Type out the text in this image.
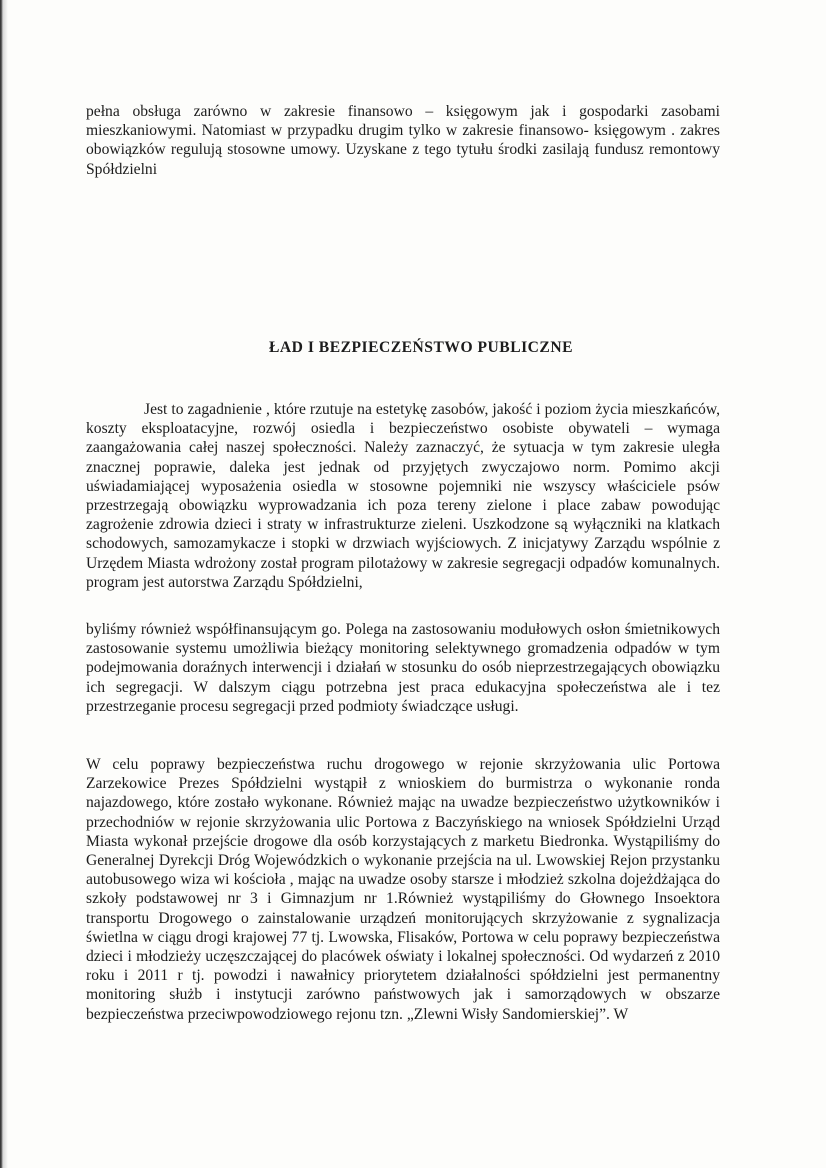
pełna obsługa zarówno w zakresie finansowo – księgowym jak i gospodarki zasobami mieszkaniowymi. Natomiast w przypadku drugim tylko w zakresie finansowo- księgowym . zakres obowiązków regulują stosowne umowy. Uzyskane z tego tytułu środki zasilają fundusz remontowy Spółdzielni

ŁAD I BEZPIECZEŃSTWO PUBLICZNE

Jest to zagadnienie , które rzutuje na estetykę zasobów, jakość i poziom życia mieszkańców, koszty eksploatacyjne, rozwój osiedla i bezpieczeństwo osobiste obywateli – wymaga zaangażowania całej naszej społeczności. Należy zaznaczyć, że sytuacja w tym zakresie uległa znacznej poprawie, daleka jest jednak od przyjętych zwyczajowo norm. Pomimo akcji uświadamiającej wyposażenia osiedla w stosowne pojemniki nie wszyscy właściciele psów przestrzegają obowiązku wyprowadzania ich poza tereny zielone i place zabaw powodując zagrożenie zdrowia dzieci i straty w infrastrukturze zieleni. Uszkodzone są wyłączniki na klatkach schodowych, samozamykacze i stopki w drzwiach wyjściowych. Z inicjatywy Zarządu wspólnie z Urzędem Miasta wdrożony został program pilotażowy w zakresie segregacji odpadów komunalnych. program jest autorstwa Zarządu Spółdzielni,

byliśmy również współfinansującym go. Polega na zastosowaniu modułowych osłon śmietnikowych zastosowanie systemu umożliwia bieżący monitoring selektywnego gromadzenia odpadów w tym podejmowania doraźnych interwencji i działań w stosunku do osób nieprzestrzegających obowiązku ich segregacji. W dalszym ciągu potrzebna jest praca edukacyjna społeczeństwa ale i tez przestrzeganie procesu segregacji przed podmioty świadczące usługi.

W celu poprawy bezpieczeństwa ruchu drogowego w rejonie skrzyżowania ulic Portowa Zarzekowice Prezes Spółdzielni wystąpił z wnioskiem do burmistrza o wykonanie ronda najazdowego, które zostało wykonane. Również mając na uwadze bezpieczeństwo użytkowników i przechodniów w rejonie skrzyżowania ulic Portowa z Baczyńskiego na wniosek Spółdzielni Urząd Miasta wykonał przejście drogowe dla osób korzystających z marketu Biedronka. Wystąpiliśmy do Generalnej Dyrekcji Dróg Wojewódzkich o wykonanie przejścia na ul. Lwowskiej Rejon przystanku autobusowego wiza wi kościoła , mając na uwadze osoby starsze i młodzież szkolna dojeżdżająca do szkoły podstawowej nr 3 i Gimnazjum nr 1.Również wystąpiliśmy do Głownego Insoektora transportu Drogowego o zainstalowanie urządzeń monitorujących skrzyżowanie z sygnalizacja świetlna w ciągu drogi krajowej 77 tj. Lwowska, Flisaków, Portowa w celu poprawy bezpieczeństwa dzieci i młodzieży uczęszczającej do placówek oświaty i lokalnej społeczności. Od wydarzeń z 2010 roku i 2011 r tj. powodzi i nawałnicy priorytetem działalności spółdzielni jest permanentny monitoring służb i instytucji zarówno państwowych jak i samorządowych w obszarze bezpieczeństwa przeciwpowodziowego rejonu tzn. „Zlewni Wisły Sandomierskiej”. W
